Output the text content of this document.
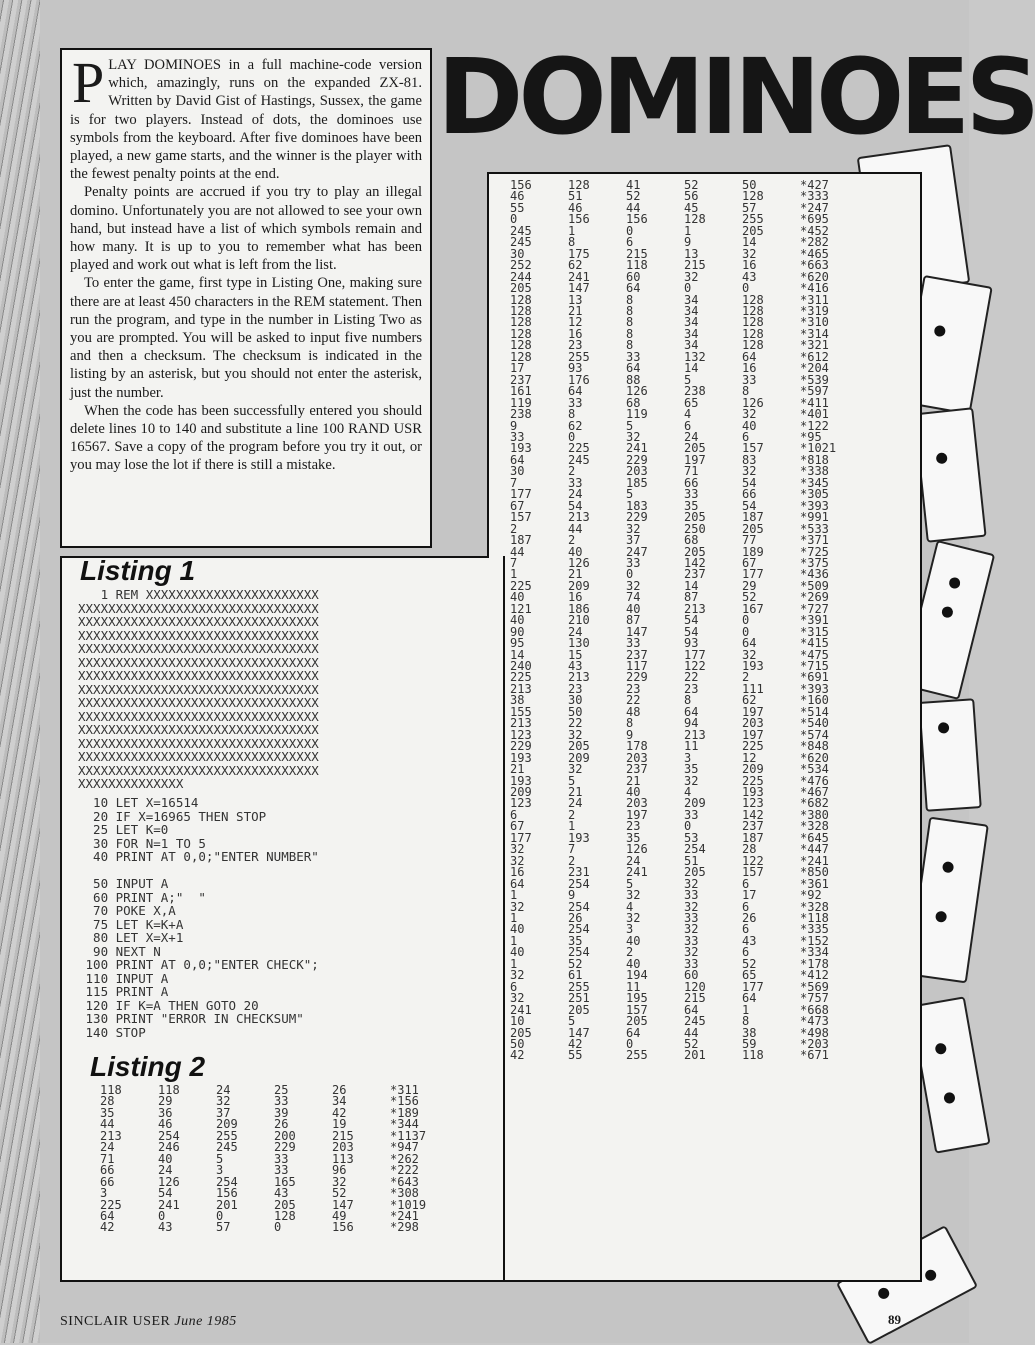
DOMINOES

PLAY DOMINOES in a full machine-code version which, amazingly, runs on the expanded ZX-81. Written by David Gist of Hastings, Sussex, the game is for two players. Instead of dots, the dominoes use symbols from the keyboard. After five dominoes have been played, a new game starts, and the winner is the player with the fewest penalty points at the end.

Penalty points are accrued if you try to play an illegal domino. Unfortunately you are not allowed to see your own hand, but instead have a list of which symbols remain and how many. It is up to you to remember what has been played and work out what is left from the list.

To enter the game, first type in Listing One, making sure there are at least 450 characters in the REM statement. Then run the program, and type in the number in Listing Two as you are prompted. You will be asked to input five numbers and then a checksum. The checksum is indicated in the listing by an asterisk, but you should not enter the asterisk, just the number.

When the code has been successfully entered you should delete lines 10 to 140 and substitute a line 100 RAND USR 16567. Save a copy of the program before you try it out, or you may lose the lot if there is still a mistake.

Listing 1
1 REM XXXXXXXXXXXXXXXXXXXXXXX
XXXXXXXXXXXXXXXXXXXXXXXXXXXXXXXX
XXXXXXXXXXXXXXXXXXXXXXXXXXXXXXXX
XXXXXXXXXXXXXXXXXXXXXXXXXXXXXXXX
XXXXXXXXXXXXXXXXXXXXXXXXXXXXXXXX
XXXXXXXXXXXXXXXXXXXXXXXXXXXXXXXX
XXXXXXXXXXXXXXXXXXXXXXXXXXXXXXXX
XXXXXXXXXXXXXXXXXXXXXXXXXXXXXXXX
XXXXXXXXXXXXXXXXXXXXXXXXXXXXXXXX
XXXXXXXXXXXXXXXXXXXXXXXXXXXXXXXX
XXXXXXXXXXXXXXXXXXXXXXXXXXXXXXXX
XXXXXXXXXXXXXXXXXXXXXXXXXXXXXXXX
XXXXXXXXXXXXXXXXXXXXXXXXXXXXXXXX
XXXXXXXXXXXXXXXXXXXXXXXXXXXXXXXX
XXXXXXXXXXXXXX
10 LET X=16514
20 IF X=16965 THEN STOP
25 LET K=0
30 FOR N=1 TO 5
40 PRINT AT 0,0;"ENTER NUMBER"
50 INPUT A
60 PRINT A;"  "
70 POKE X,A
75 LET K=K+A
80 LET X=X+1
90 NEXT N
100 PRINT AT 0,0;"ENTER CHECK";
110 INPUT A
115 PRINT A
120 IF K=A THEN GOTO 20
130 PRINT "ERROR IN CHECKSUM"
140 STOP
Listing 2
118	118	24	25	26	*311
28	29	32	33	34	*156
35	36	37	39	42	*189
44	46	209	26	19	*344
213	254	255	200	215	*1137
24	246	245	229	203	*947
71	40	5	33	113	*262
66	24	3	33	96	*222
66	126	254	165	32	*643
3	54	156	43	52	*308
225	241	201	205	147	*1019
64	0	0	128	49	*241
42	43	57	0	156	*298
156	128	41	52	50	*427
46	51	52	56	128	*333
55	46	44	45	57	*247
0	156	156	128	255	*695
245	1	0	1	205	*452
245	8	6	9	14	*282
30	175	215	13	32	*465
252	62	118	215	16	*663
244	241	60	32	43	*620
205	147	64	0	0	*416
128	13	8	34	128	*311
128	21	8	34	128	*319
128	12	8	34	128	*310
128	16	8	34	128	*314
128	23	8	34	128	*321
128	255	33	132	64	*612
17	93	64	14	16	*204
237	176	88	5	33	*539
161	64	126	238	8	*597
119	33	68	65	126	*411
238	8	119	4	32	*401
9	62	5	6	40	*122
33	0	32	24	6	*95
193	225	241	205	157	*1021
64	245	229	197	83	*818
30	2	203	71	32	*338
7	33	185	66	54	*345
177	24	5	33	66	*305
67	54	183	35	54	*393
157	213	229	205	187	*991
2	44	32	250	205	*533
187	2	37	68	77	*371
44	40	247	205	189	*725
7	126	33	142	67	*375
1	21	0	237	177	*436
225	209	32	14	29	*509
40	16	74	87	52	*269
121	186	40	213	167	*727
40	210	87	54	0	*391
90	24	147	54	0	*315
95	130	33	93	64	*415
14	15	237	177	32	*475
240	43	117	122	193	*715
225	213	229	22	2	*691
213	23	23	23	111	*393
38	30	22	8	62	*160
155	50	48	64	197	*514
213	22	8	94	203	*540
123	32	9	213	197	*574
229	205	178	11	225	*848
193	209	203	3	12	*620
21	32	237	35	209	*534
193	5	21	32	225	*476
209	21	40	4	193	*467
123	24	203	209	123	*682
6	2	197	33	142	*380
67	1	23	0	237	*328
177	193	35	53	187	*645
32	7	126	254	28	*447
32	2	24	51	122	*241
16	231	241	205	157	*850
64	254	5	32	6	*361
1	9	32	33	17	*92
32	254	4	32	6	*328
1	26	32	33	26	*118
40	254	3	32	6	*335
1	35	40	33	43	*152
40	254	2	32	6	*334
1	52	40	33	52	*178
32	61	194	60	65	*412
6	255	11	120	177	*569
32	251	195	215	64	*757
241	205	157	64	1	*668
10	5	205	245	8	*473
205	147	64	44	38	*498
50	42	0	52	59	*203
42	55	255	201	118	*671
SINCLAIR USER June 1985	89
